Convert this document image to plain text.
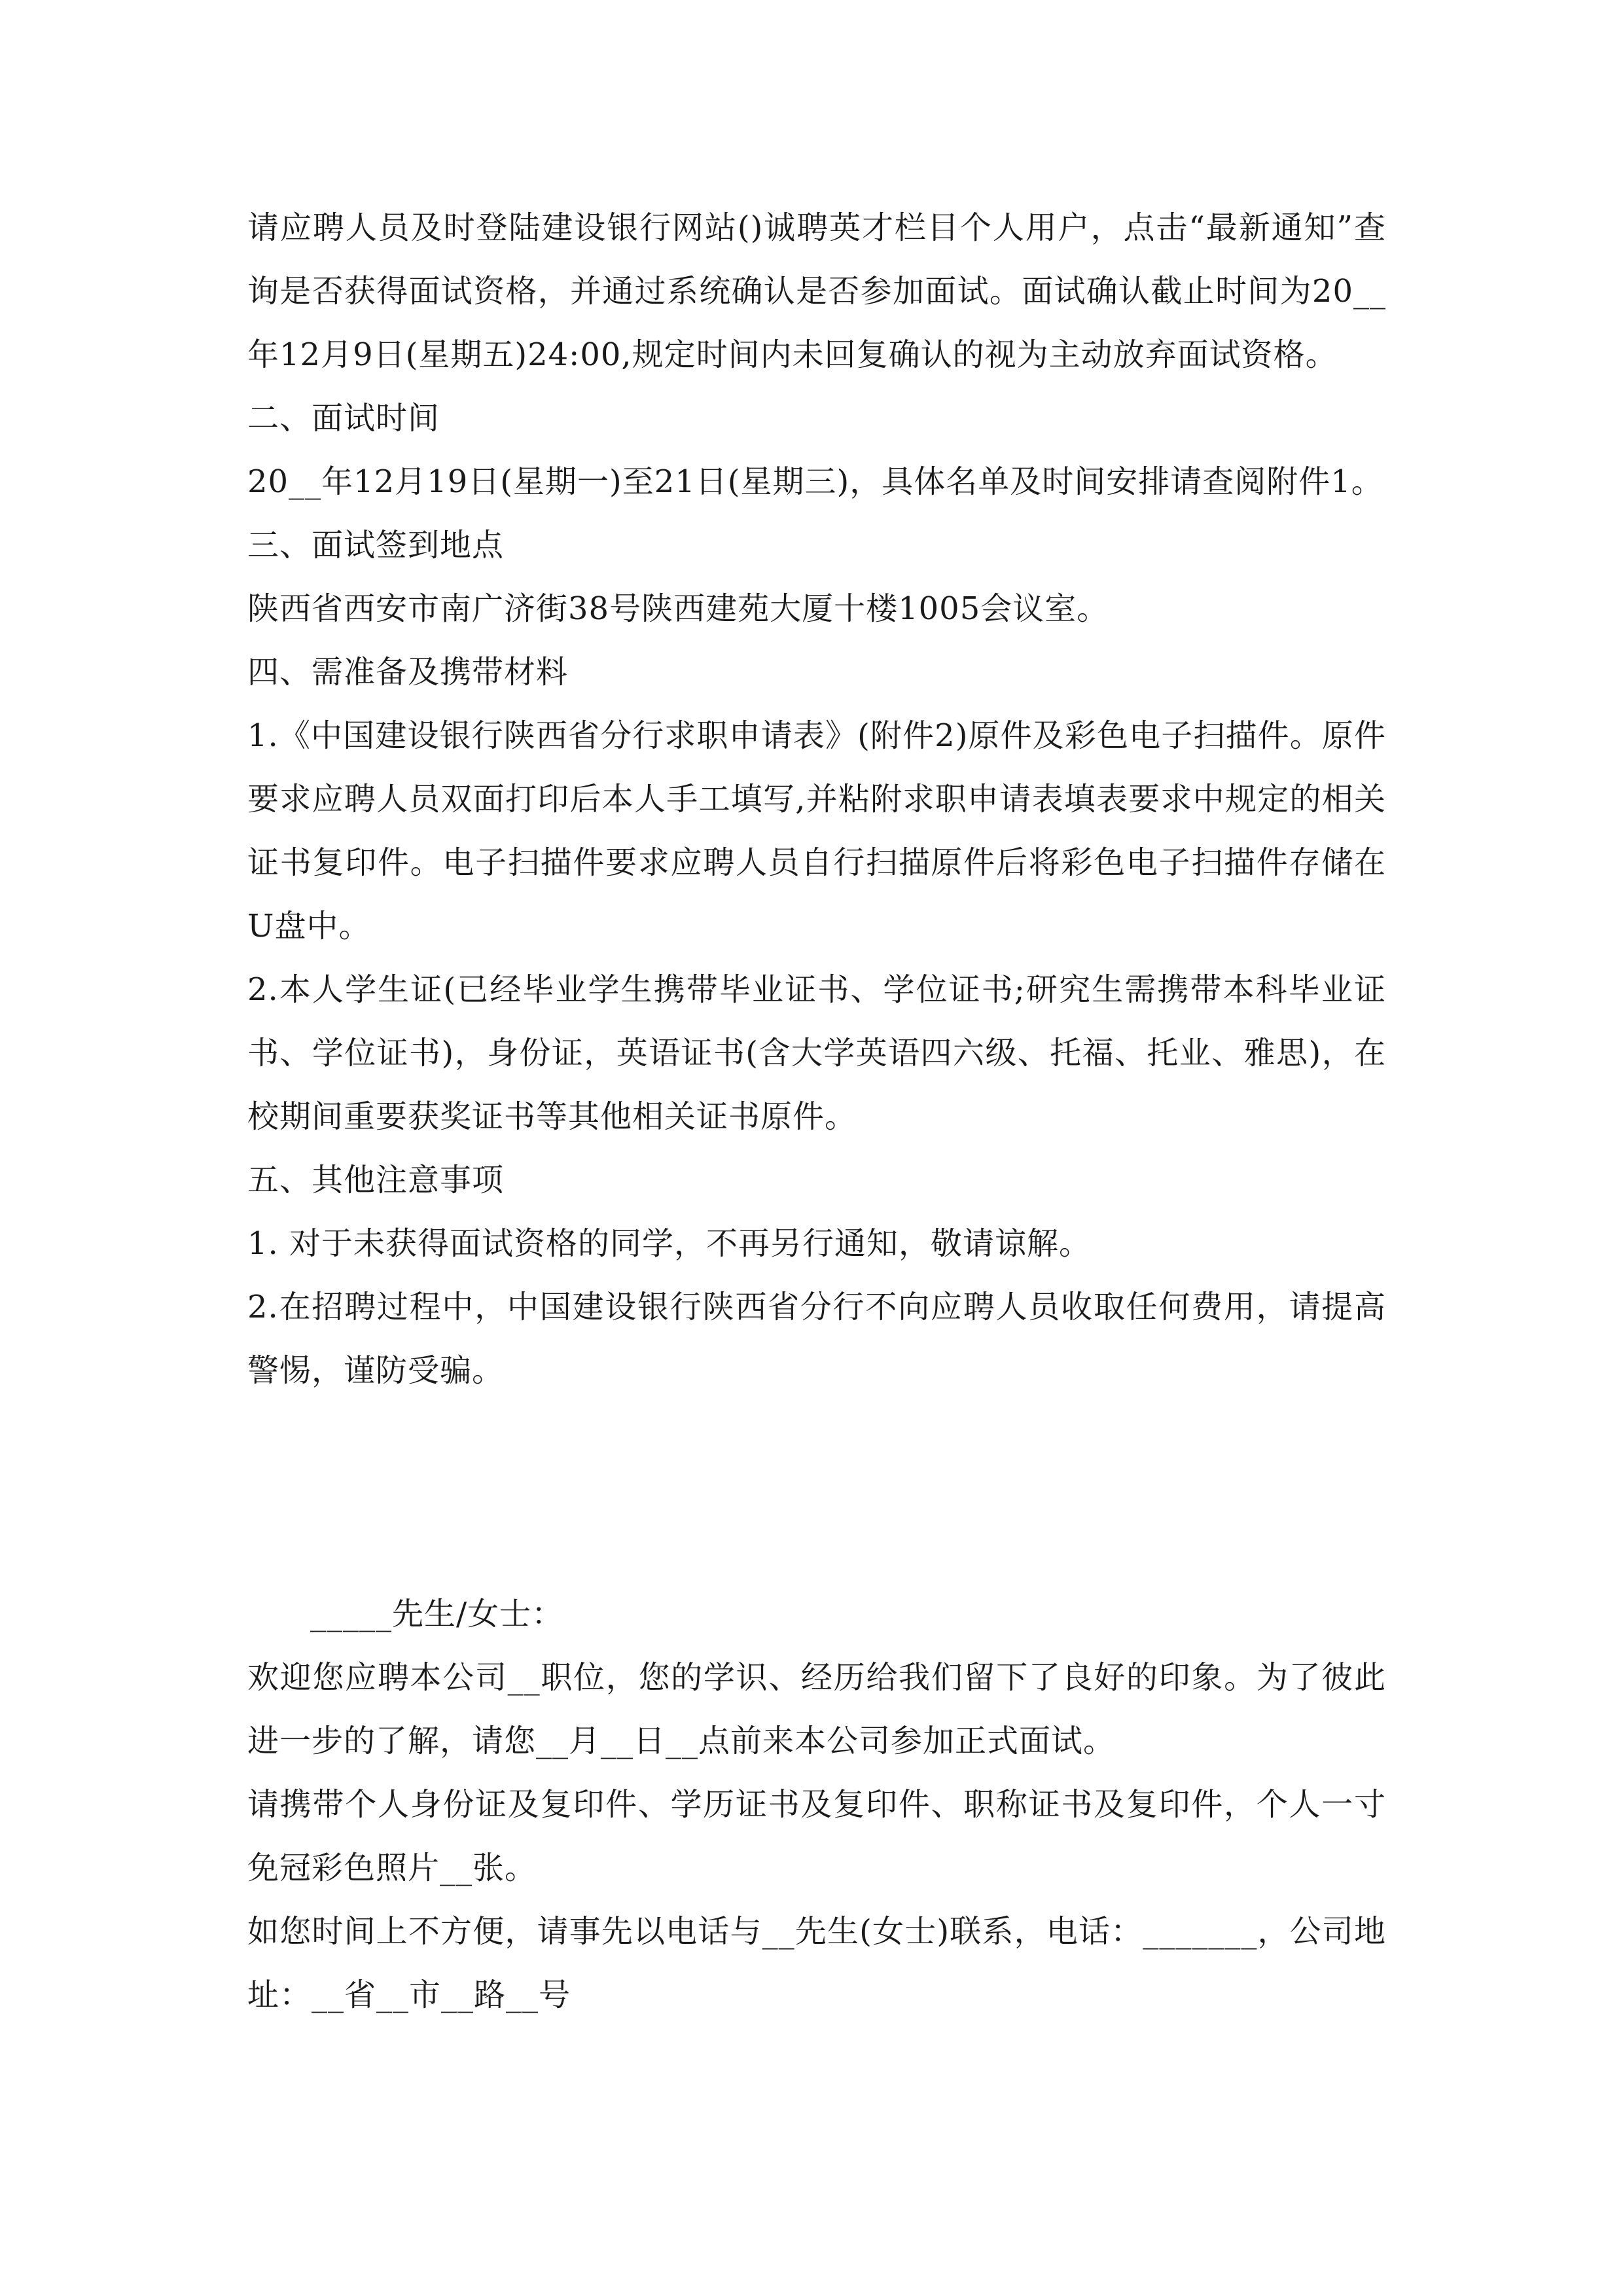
请应聘人员及时登陆建设银行网站()诚聘英才栏目个人用户，点击“最新通知”查询是否获得面试资格，并通过系统确认是否参加面试。面试确认截止时间为20__年12月9日(星期五)24:00,规定时间内未回复确认的视为主动放弃面试资格。

二、面试时间

20__年12月19日(星期一)至21日(星期三)，具体名单及时间安排请查阅附件1。

三、面试签到地点

陕西省西安市南广济街38号陕西建苑大厦十楼1005会议室。

四、需准备及携带材料

1.《中国建设银行陕西省分行求职申请表》(附件2)原件及彩色电子扫描件。原件要求应聘人员双面打印后本人手工填写,并粘附求职申请表填表要求中规定的相关证书复印件。电子扫描件要求应聘人员自行扫描原件后将彩色电子扫描件存储在U盘中。

2.本人学生证(已经毕业学生携带毕业证书、学位证书;研究生需携带本科毕业证书、学位证书)，身份证，英语证书(含大学英语四六级、托福、托业、雅思)，在校期间重要获奖证书等其他相关证书原件。

五、其他注意事项

1. 对于未获得面试资格的同学，不再另行通知，敬请谅解。

2.在招聘过程中，中国建设银行陕西省分行不向应聘人员收取任何费用，请提高警惕，谨防受骗。

_____先生/女士：

欢迎您应聘本公司__职位，您的学识、经历给我们留下了良好的印象。为了彼此进一步的了解，请您__月__日__点前来本公司参加正式面试。

请携带个人身份证及复印件、学历证书及复印件、职称证书及复印件，个人一寸免冠彩色照片__张。

如您时间上不方便，请事先以电话与__先生(女士)联系，电话：_______，公司地址：__省__市__路__号
